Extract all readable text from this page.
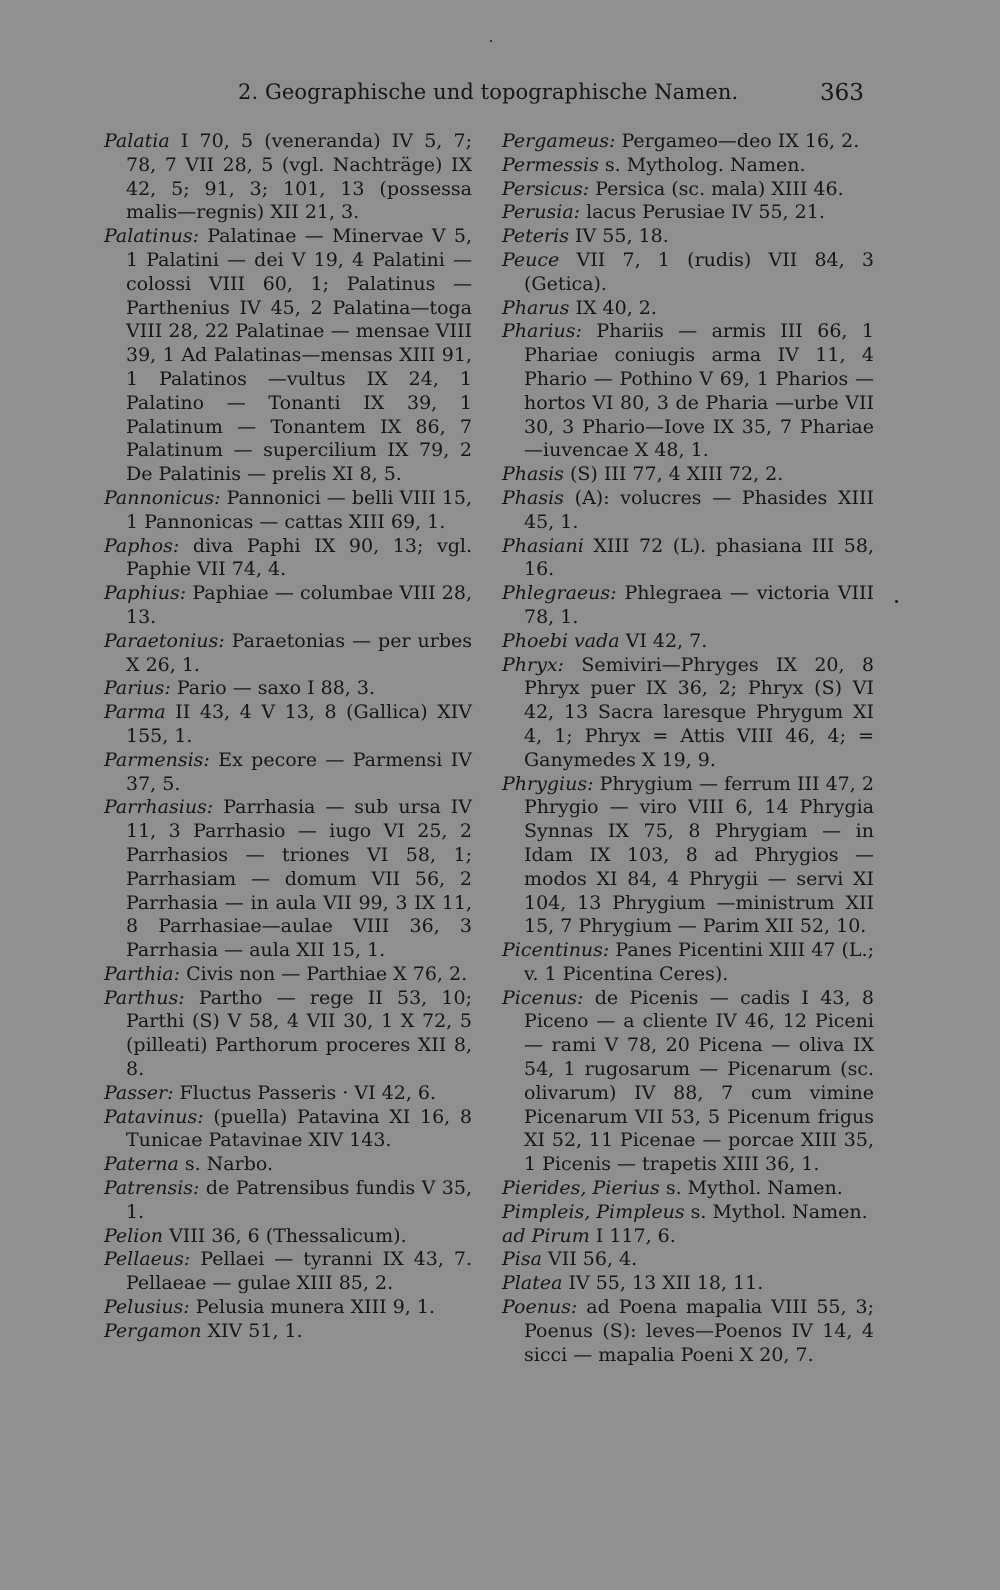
2. Geographische und topographische Namen.	363

Palatia I 70, 5 (veneranda) IV 5, 7; 78, 7 VII 28, 5 (vgl. Nachträge) IX 42, 5; 91, 3; 101, 13 (possessa malis—regnis) XII 21, 3.

Palatinus: Palatinae — Minervae V 5, 1 Palatini — dei V 19, 4 Palatini — colossi VIII 60, 1; Palatinus — Parthenius IV 45, 2 Palatina—toga VIII 28, 22 Palatinae — mensae VIII 39, 1 Ad Palatinas—mensas XIII 91, 1 Palatinos —vultus IX 24, 1 Palatino — Tonanti IX 39, 1 Palatinum — Tonantem IX 86, 7 Palatinum — supercilium IX 79, 2 De Palatinis — prelis XI 8, 5.

Pannonicus: Pannonici — belli VIII 15, 1 Pannonicas — cattas XIII 69, 1.

Paphos: diva Paphi IX 90, 13; vgl. Paphie VII 74, 4.

Paphius: Paphiae — columbae VIII 28, 13.

Paraetonius: Paraetonias — per urbes X 26, 1.

Parius: Pario — saxo I 88, 3.

Parma II 43, 4 V 13, 8 (Gallica) XIV 155, 1.

Parmensis: Ex pecore — Parmensi IV 37, 5.

Parrhasius: Parrhasia — sub ursa IV 11, 3 Parrhasio — iugo VI 25, 2 Parrhasios — triones VI 58, 1; Parrhasiam — domum VII 56, 2 Parrhasia — in aula VII 99, 3 IX 11, 8 Parrhasiae—aulae VIII 36, 3 Parrhasia — aula XII 15, 1.

Parthia: Civis non — Parthiae X 76, 2.

Parthus: Partho — rege II 53, 10; Parthi (S) V 58, 4 VII 30, 1 X 72, 5 (pilleati) Parthorum proceres XII 8, 8.

Passer: Fluctus Passeris · VI 42, 6.

Patavinus: (puella) Patavina XI 16, 8 Tunicae Patavinae XIV 143.

Paterna s. Narbo.

Patrensis: de Patrensibus fundis V 35, 1.

Pelion VIII 36, 6 (Thessalicum).

Pellaeus: Pellaei — tyranni IX 43, 7. Pellaeae — gulae XIII 85, 2.

Pelusius: Pelusia munera XIII 9, 1.

Pergamon XIV 51, 1.

Pergameus: Pergameo—deo IX 16, 2.

Permessis s. Mytholog. Namen.

Persicus: Persica (sc. mala) XIII 46.

Perusia: lacus Perusiae IV 55, 21.

Peteris IV 55, 18.

Peuce VII 7, 1 (rudis) VII 84, 3 (Getica).

Pharus IX 40, 2.

Pharius: Phariis — armis III 66, 1 Phariae coniugis arma IV 11, 4 Phario — Pothino V 69, 1 Pharios — hortos VI 80, 3 de Pharia —urbe VII 30, 3 Phario—Iove IX 35, 7 Phariae—iuvencae X 48, 1.

Phasis (S) III 77, 4 XIII 72, 2.

Phasis (A): volucres — Phasides XIII 45, 1.

Phasiani XIII 72 (L). phasiana III 58, 16.

Phlegraeus: Phlegraea — victoria VIII 78, 1.

Phoebi vada VI 42, 7.

Phryx: Semiviri—Phryges IX 20, 8 Phryx puer IX 36, 2; Phryx (S) VI 42, 13 Sacra laresque Phrygum XI 4, 1; Phryx = Attis VIII 46, 4; = Ganymedes X 19, 9.

Phrygius: Phrygium — ferrum III 47, 2 Phrygio — viro VIII 6, 14 Phrygia Synnas IX 75, 8 Phrygiam — in Idam IX 103, 8 ad Phrygios — modos XI 84, 4 Phrygii — servi XI 104, 13 Phrygium —ministrum XII 15, 7 Phrygium — Parim XII 52, 10.

Picentinus: Panes Picentini XIII 47 (L.; v. 1 Picentina Ceres).

Picenus: de Picenis — cadis I 43, 8 Piceno — a cliente IV 46, 12 Piceni — rami V 78, 20 Picena — oliva IX 54, 1 rugosarum — Picenarum (sc. olivarum) IV 88, 7 cum vimine Picenarum VII 53, 5 Picenum frigus XI 52, 11 Picenae — porcae XIII 35, 1 Picenis — trapetis XIII 36, 1.

Pierides, Pierius s. Mythol. Namen.

Pimpleis, Pimpleus s. Mythol. Namen.

ad Pirum I 117, 6.

Pisa VII 56, 4.

Platea IV 55, 13 XII 18, 11.

Poenus: ad Poena mapalia VIII 55, 3; Poenus (S): leves—Poenos IV 14, 4 sicci — mapalia Poeni X 20, 7.
